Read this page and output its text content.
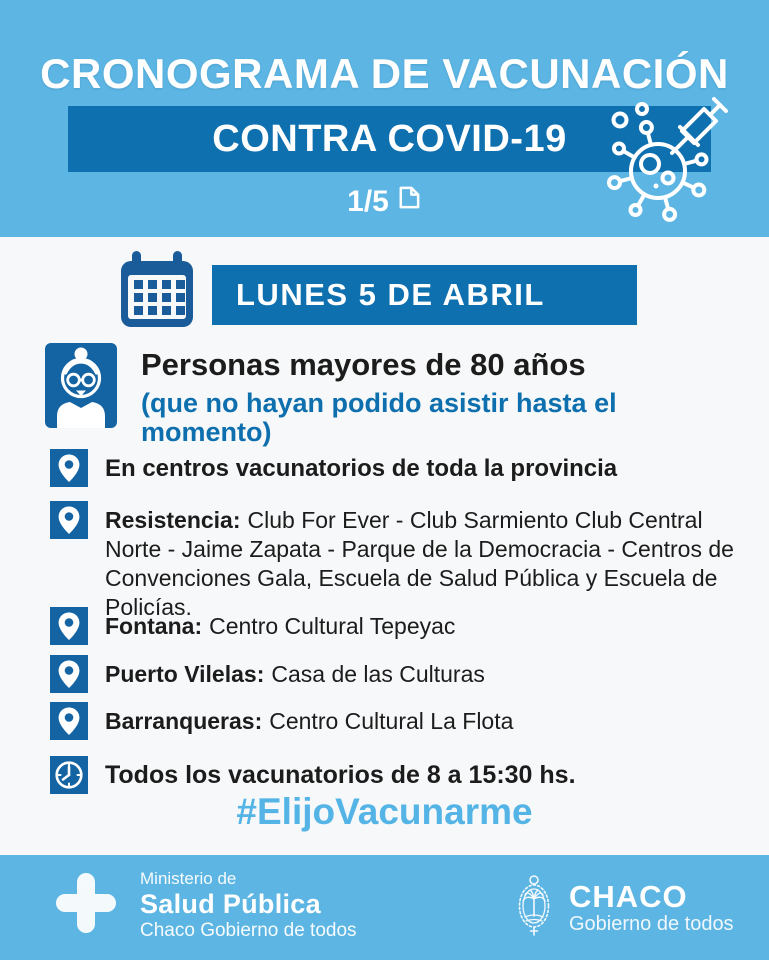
CRONOGRAMA DE VACUNACIÓN
CONTRA COVID-19
1/5
LUNES 5 DE ABRIL
Personas mayores de 80 años
(que no hayan podido asistir hasta el momento)

En centros vacunatorios de toda la provincia

Resistencia: Club For Ever - Club Sarmiento Club Central Norte - Jaime Zapata - Parque de la Democracia - Centros de Convenciones Gala, Escuela de Salud Pública y Escuela de Policías.

Fontana: Centro Cultural Tepeyac

Puerto Vilelas: Casa de las Culturas

Barranqueras: Centro Cultural La Flota

Todos los vacunatorios de 8 a 15:30 hs.
#ElijoVacunarme
Ministerio de
Salud Pública
Chaco Gobierno de todos
CHACO
Gobierno de todos
